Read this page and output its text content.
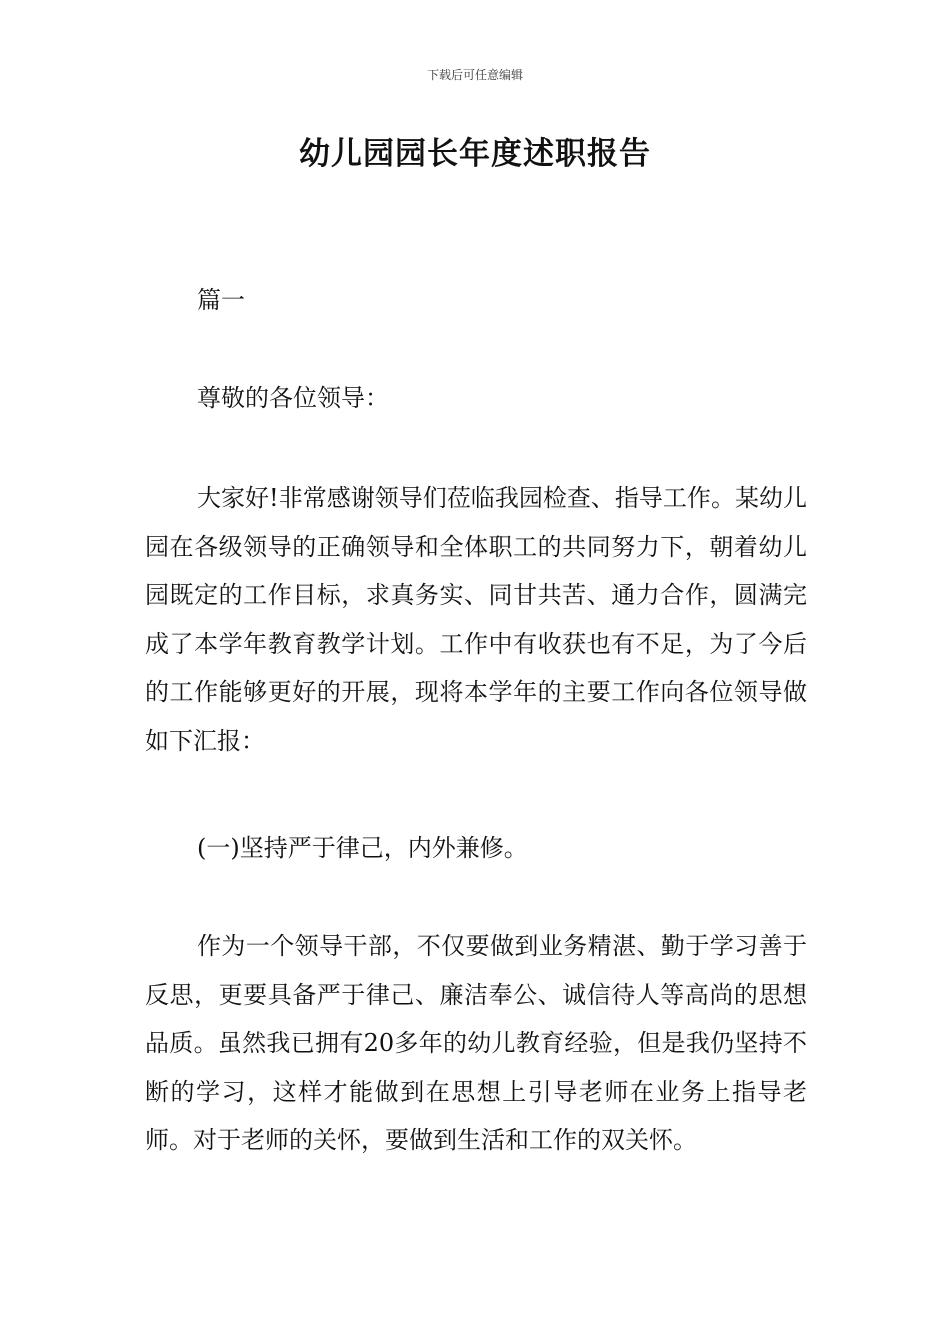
下载后可任意编辑
幼儿园园长年度述职报告
篇一
尊敬的各位领导：
大家好!非常感谢领导们莅临我园检查、指导工作。某幼儿园在各级领导的正确领导和全体职工的共同努力下，朝着幼儿园既定的工作目标，求真务实、同甘共苦、通力合作，圆满完成了本学年教育教学计划。工作中有收获也有不足，为了今后的工作能够更好的开展，现将本学年的主要工作向各位领导做如下汇报：
(一)坚持严于律己，内外兼修。
作为一个领导干部，不仅要做到业务精湛、勤于学习善于反思，更要具备严于律己、廉洁奉公、诚信待人等高尚的思想品质。虽然我已拥有20多年的幼儿教育经验，但是我仍坚持不断的学习，这样才能做到在思想上引导老师在业务上指导老师。对于老师的关怀，要做到生活和工作的双关怀。
